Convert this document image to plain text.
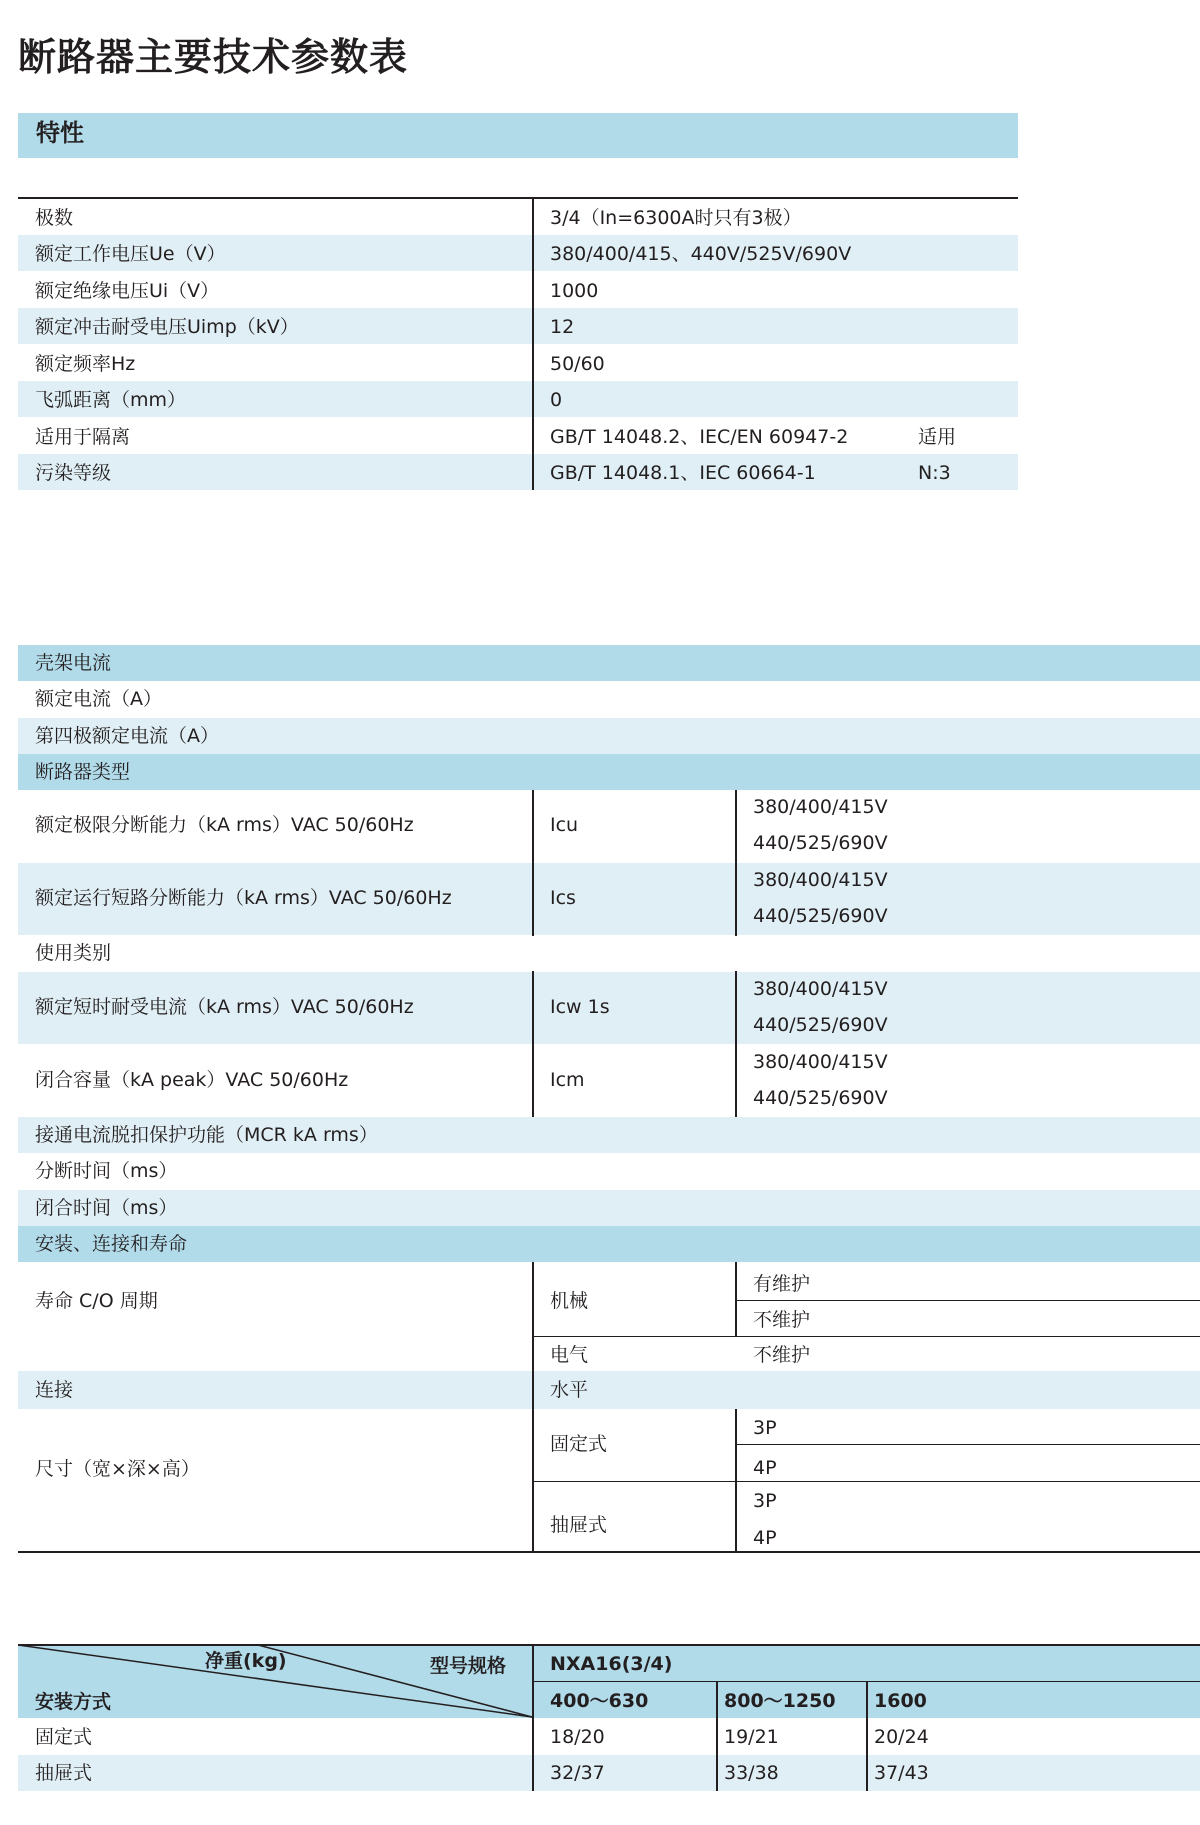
断路器主要技术参数表
特性
极数	3/4（In=6300A时只有3极）
额定工作电压Ue（V）	380/400/415、440V/525V/690V
额定绝缘电压Ui（V）	1000
额定冲击耐受电压Uimp（kV）	12
额定频率Hz	50/60
飞弧距离（mm）	0
适用于隔离	GB/T 14048.2、IEC/EN 60947-2	适用
污染等级	GB/T 14048.1、IEC 60664-1	N:3
壳架电流
额定电流（A）
第四极额定电流（A）
断路器类型
额定极限分断能力（kA rms）VAC 50/60Hz	Icu
380/400/415V
440/525/690V
额定运行短路分断能力（kA rms）VAC 50/60Hz	Ics
380/400/415V
440/525/690V
使用类别
额定短时耐受电流（kA rms）VAC 50/60Hz	Icw 1s
380/400/415V
440/525/690V
闭合容量（kA peak）VAC 50/60Hz	Icm
380/400/415V
440/525/690V
接通电流脱扣保护功能（MCR kA rms）
分断时间（ms）
闭合时间（ms）
安装、连接和寿命
寿命 C/O 周期	机械
有维护
不维护
电气	不维护
连接	水平
尺寸（宽×深×高）
固定式
3P
4P
抽屉式
3P
4P
净重(kg)	型号规格
安装方式
NXA16(3/4)
400～630	800～1250 1600
固定式	18/20	19/21	20/24
抽屉式	32/37	33/38	37/43
